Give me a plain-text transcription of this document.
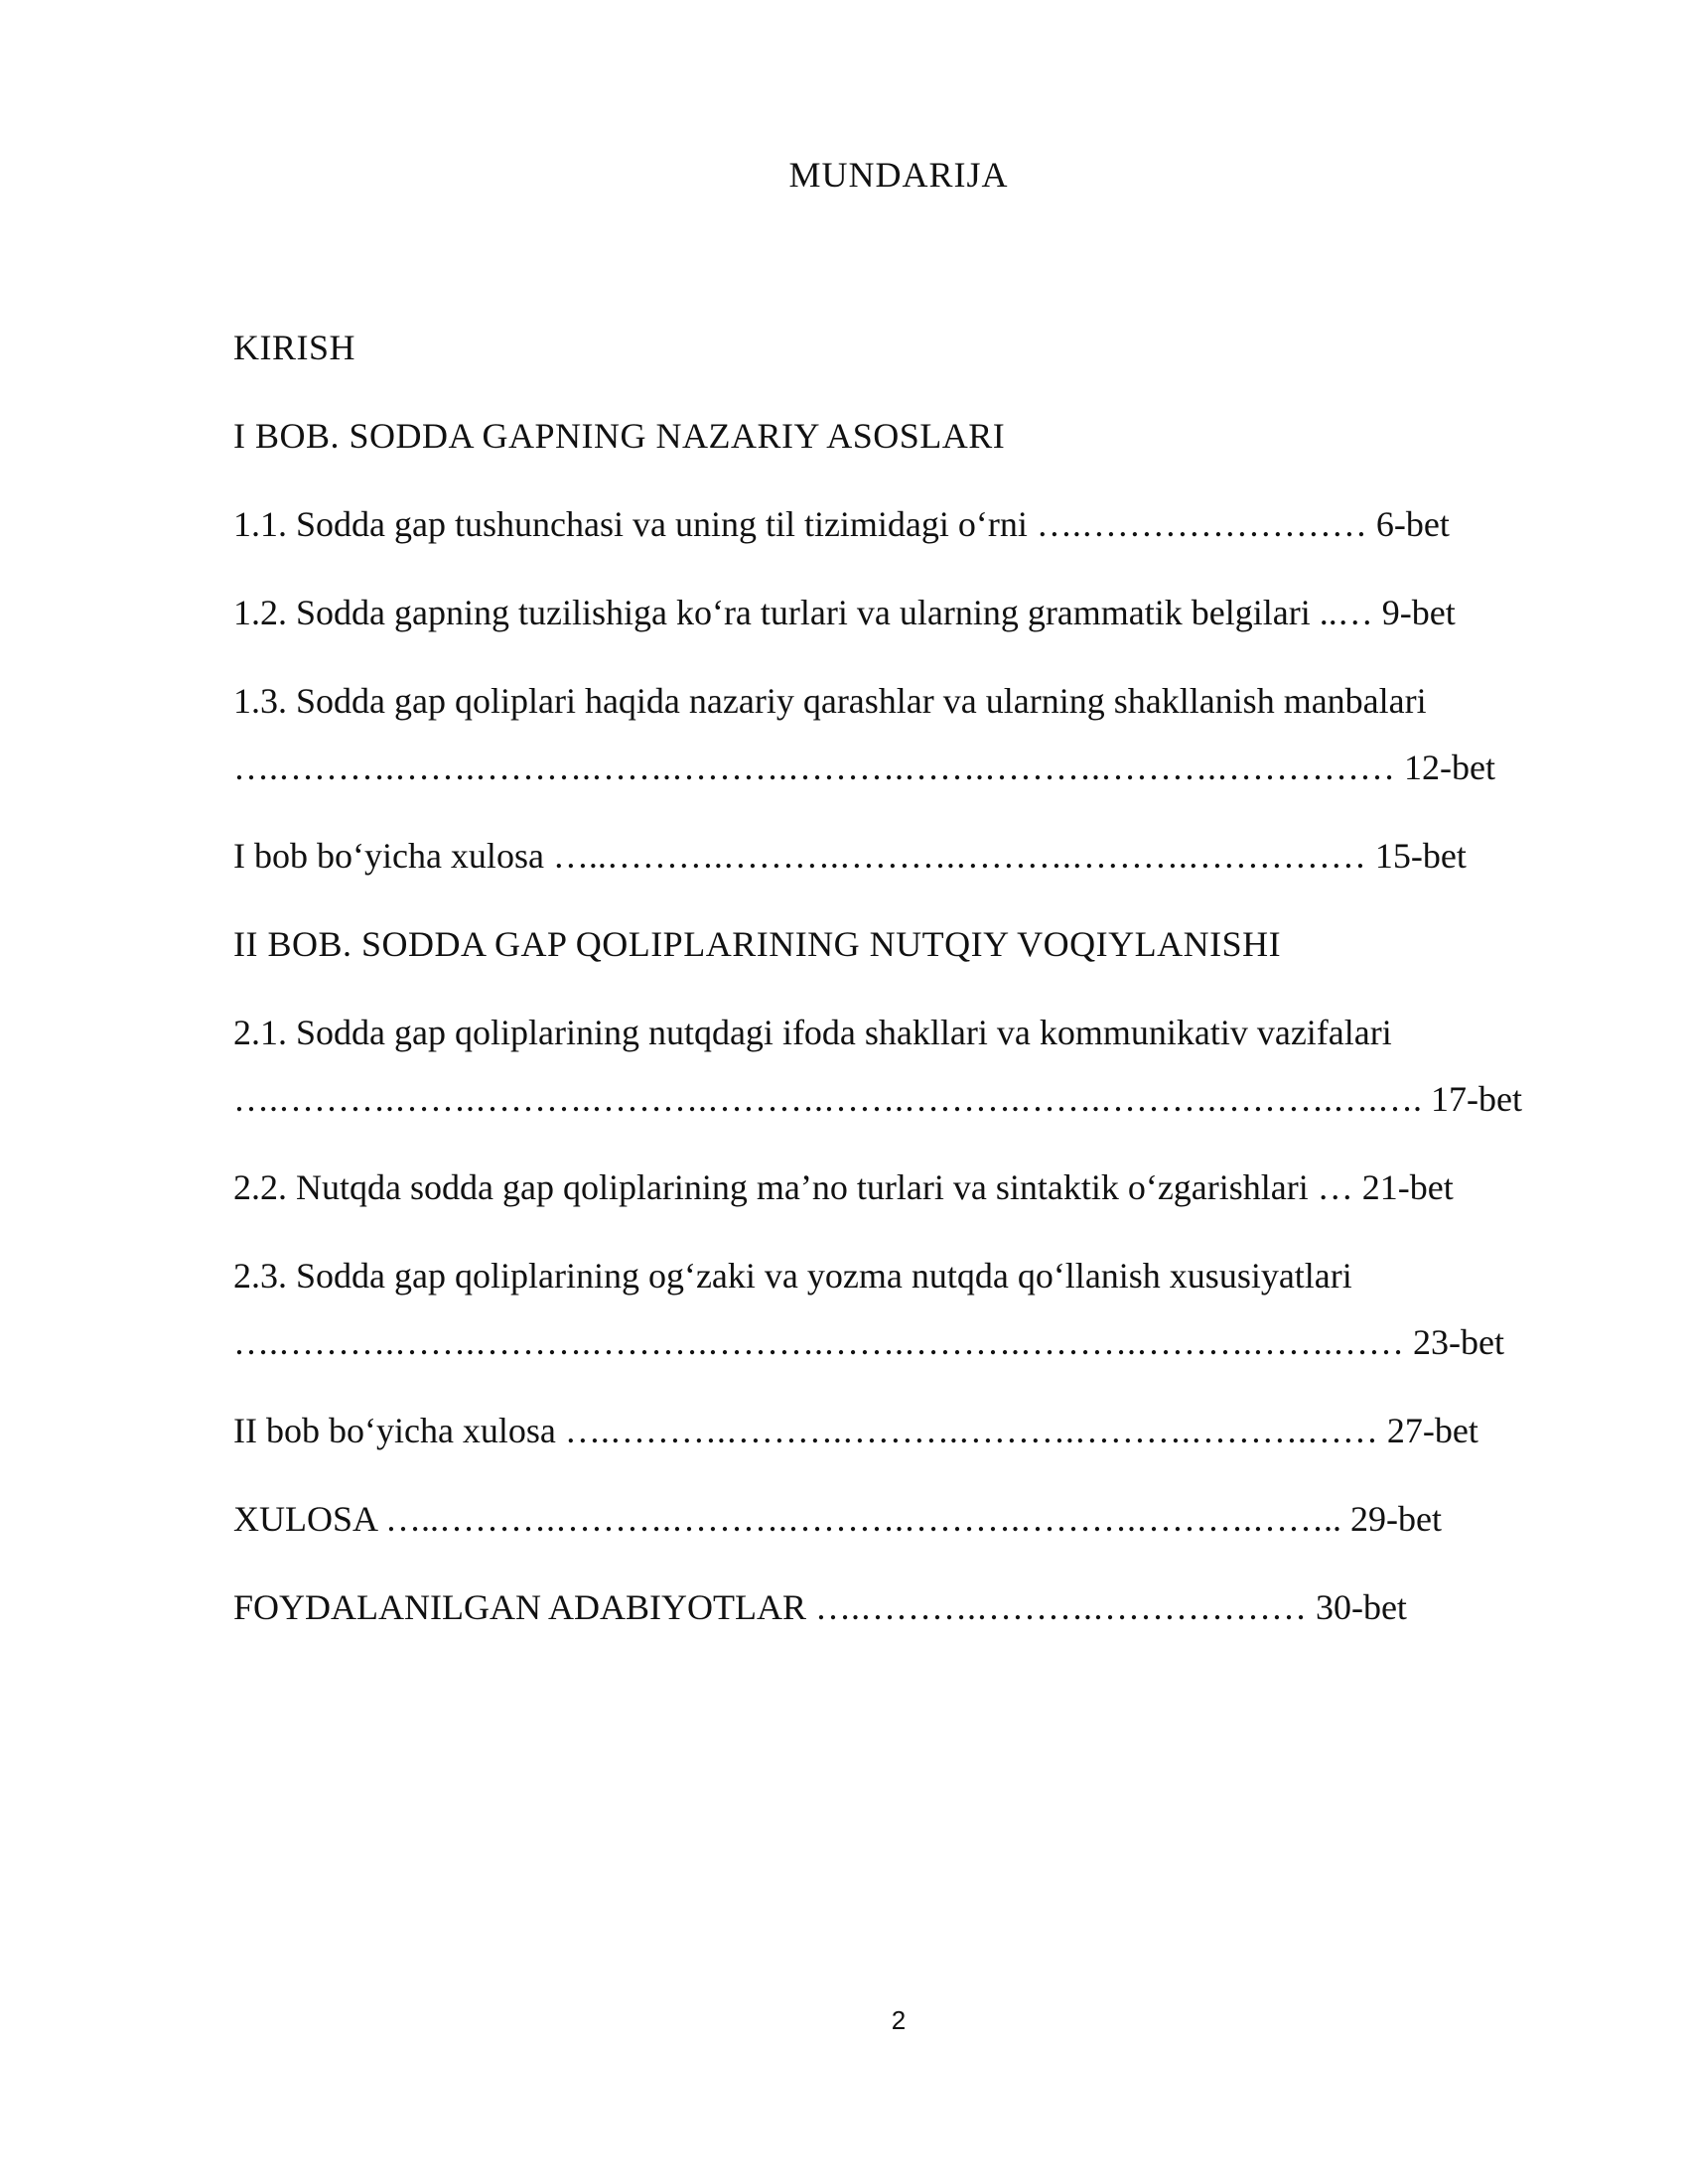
MUNDARIJA

KIRISH

I BOB. SODDA GAPNING NAZARIY ASOSLARI

1.1. Sodda gap tushunchasi va uning til tizimidagi o‘rni ….…………………… 6-bet

1.2. Sodda gapning tuzilishiga ko‘ra turlari va ularning grammatik belgilari ..… 9-bet

1.3. Sodda gap qoliplari haqida nazariy qarashlar va ularning shakllanish manbalari

….……….…….……….…….……….……….…….……….……….…………… 12-bet

I bob bo‘yicha xulosa …..……….……….……….……….……….…………… 15-bet

II BOB. SODDA GAP QOLIPLARINING NUTQIY VOQIYLANISHI

2.1. Sodda gap qoliplarining nutqdagi ifoda shakllari va kommunikativ vazifalari

….……….…….……….……….……….…….……….…….……….……….….…. 17-bet

2.2. Nutqda sodda gap qoliplarining ma’no turlari va sintaktik o‘zgarishlari … 21-bet

2.3. Sodda gap qoliplarining og‘zaki va yozma nutqda qo‘llanish xususiyatlari

….……….…….……….……….……….…….……….……….……….…….…… 23-bet

II bob bo‘yicha xulosa ….……….……….……….……….……….……….…… 27-bet

XULOSA …..……….……….……….……….……….……….……….…….. 29-bet

FOYDALANILGAN ADABIYOTLAR ….……….……….……………… 30-bet

2
